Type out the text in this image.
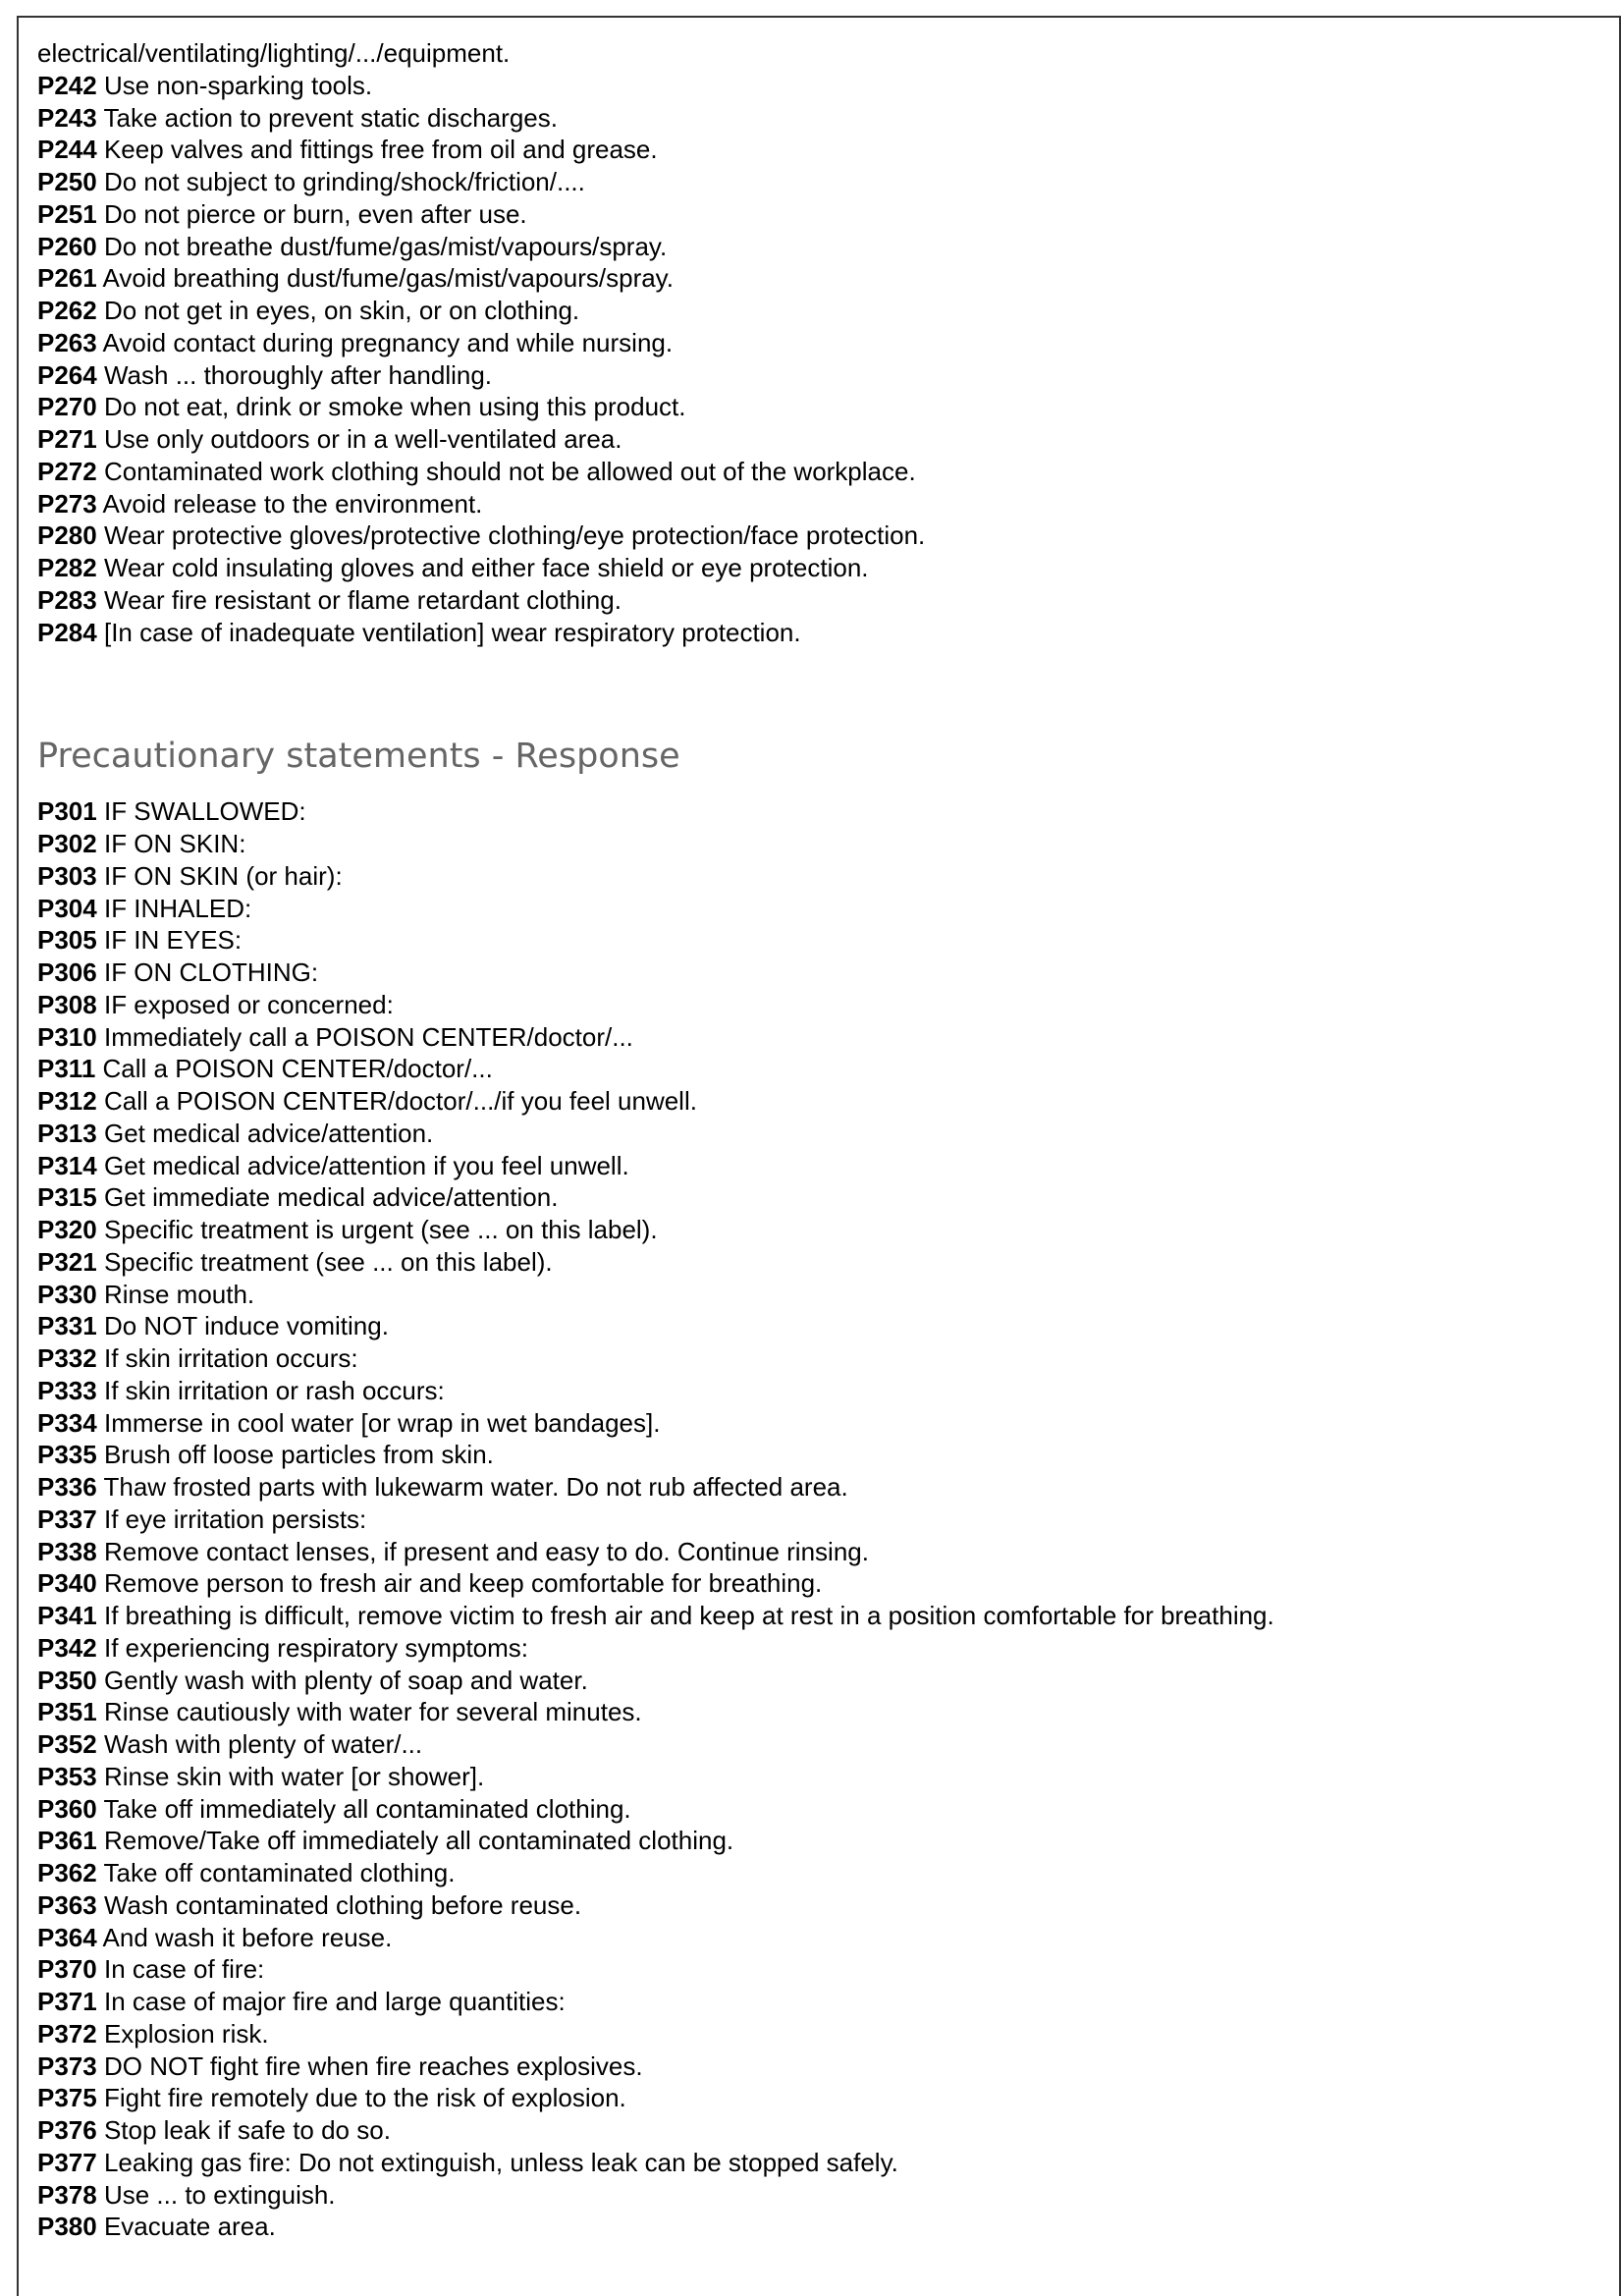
electrical/ventilating/lighting/.../equipment.
P242 Use non-sparking tools.
P243 Take action to prevent static discharges.
P244 Keep valves and fittings free from oil and grease.
P250 Do not subject to grinding/shock/friction/....
P251 Do not pierce or burn, even after use.
P260 Do not breathe dust/fume/gas/mist/vapours/spray.
P261 Avoid breathing dust/fume/gas/mist/vapours/spray.
P262 Do not get in eyes, on skin, or on clothing.
P263 Avoid contact during pregnancy and while nursing.
P264 Wash ... thoroughly after handling.
P270 Do not eat, drink or smoke when using this product.
P271 Use only outdoors or in a well-ventilated area.
P272 Contaminated work clothing should not be allowed out of the workplace.
P273 Avoid release to the environment.
P280 Wear protective gloves/protective clothing/eye protection/face protection.
P282 Wear cold insulating gloves and either face shield or eye protection.
P283 Wear fire resistant or flame retardant clothing.
P284 [In case of inadequate ventilation] wear respiratory protection.
Precautionary statements - Response
P301 IF SWALLOWED:
P302 IF ON SKIN:
P303 IF ON SKIN (or hair):
P304 IF INHALED:
P305 IF IN EYES:
P306 IF ON CLOTHING:
P308 IF exposed or concerned:
P310 Immediately call a POISON CENTER/doctor/...
P311 Call a POISON CENTER/doctor/...
P312 Call a POISON CENTER/doctor/.../if you feel unwell.
P313 Get medical advice/attention.
P314 Get medical advice/attention if you feel unwell.
P315 Get immediate medical advice/attention.
P320 Specific treatment is urgent (see ... on this label).
P321 Specific treatment (see ... on this label).
P330 Rinse mouth.
P331 Do NOT induce vomiting.
P332 If skin irritation occurs:
P333 If skin irritation or rash occurs:
P334 Immerse in cool water [or wrap in wet bandages].
P335 Brush off loose particles from skin.
P336 Thaw frosted parts with lukewarm water. Do not rub affected area.
P337 If eye irritation persists:
P338 Remove contact lenses, if present and easy to do. Continue rinsing.
P340 Remove person to fresh air and keep comfortable for breathing.
P341 If breathing is difficult, remove victim to fresh air and keep at rest in a position comfortable for breathing.
P342 If experiencing respiratory symptoms:
P350 Gently wash with plenty of soap and water.
P351 Rinse cautiously with water for several minutes.
P352 Wash with plenty of water/...
P353 Rinse skin with water [or shower].
P360 Take off immediately all contaminated clothing.
P361 Remove/Take off immediately all contaminated clothing.
P362 Take off contaminated clothing.
P363 Wash contaminated clothing before reuse.
P364 And wash it before reuse.
P370 In case of fire:
P371 In case of major fire and large quantities:
P372 Explosion risk.
P373 DO NOT fight fire when fire reaches explosives.
P375 Fight fire remotely due to the risk of explosion.
P376 Stop leak if safe to do so.
P377 Leaking gas fire: Do not extinguish, unless leak can be stopped safely.
P378 Use ... to extinguish.
P380 Evacuate area.
